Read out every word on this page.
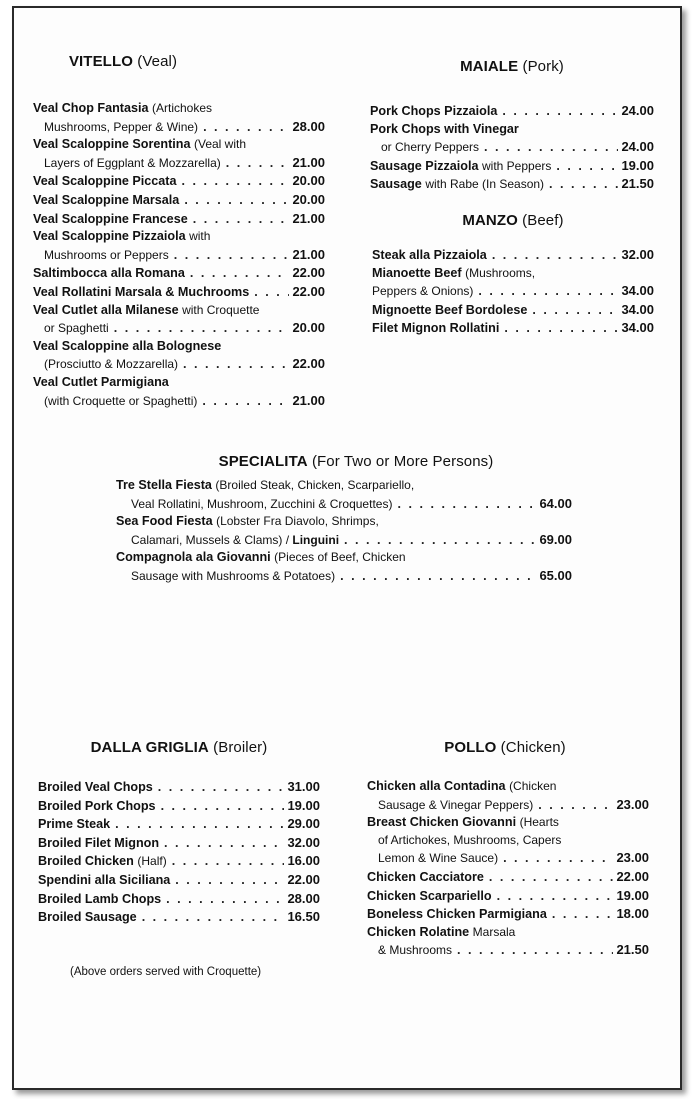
VITELLO (Veal)
Veal Chop Fantasia (Artichokes
Mushrooms, Pepper & Wine) . . .	28.00
Veal Scaloppine Sorentina (Veal with
Layers of Eggplant & Mozzarella) . . .	21.00
Veal Scaloppine Piccata . . .	20.00
Veal Scaloppine Marsala . . .	20.00
Veal Scaloppine Francese . . .	21.00
Veal Scaloppine Pizzaiola with
Mushrooms or Peppers . . .	21.00
Saltimbocca alla Romana . . .	22.00
Veal Rollatini Marsala & Muchrooms . . .	22.00
Veal Cutlet alla Milanese with Croquette
or Spaghetti . . .	20.00
Veal Scaloppine alla Bolognese
(Prosciutto & Mozzarella) . . .	22.00
Veal Cutlet Parmigiana
(with Croquette or Spaghetti) . . .	21.00
MAIALE (Pork)
Pork Chops Pizzaiola . . .	24.00
Pork Chops with Vinegar
or Cherry Peppers . . .	24.00
Sausage Pizzaiola with Peppers . . .	19.00
Sausage with Rabe (In Season) . . .	21.50
MANZO (Beef)
Steak alla Pizzaiola . . .	32.00
Mianoette Beef (Mushrooms,
Peppers & Onions) . . .	34.00
Mignoette Beef Bordolese . . .	34.00
Filet Mignon Rollatini . . .	34.00
SPECIALITA (For Two or More Persons)
Tre Stella Fiesta (Broiled Steak, Chicken, Scarpariello,
Veal Rollatini, Mushroom, Zucchini & Croquettes) . . .	64.00
Sea Food Fiesta (Lobster Fra Diavolo, Shrimps,
Calamari, Mussels & Clams) / Linguini . . .	69.00
Compagnola ala Giovanni (Pieces of Beef, Chicken
Sausage with Mushrooms & Potatoes) . . .	65.00
DALLA GRIGLIA (Broiler)
Broiled Veal Chops . . .	31.00
Broiled Pork Chops . . .	19.00
Prime Steak . . .	29.00
Broiled Filet Mignon . . .	32.00
Broiled Chicken (Half) . . .	16.00
Spendini alla Siciliana . . .	22.00
Broiled Lamb Chops . . .	28.00
Broiled Sausage . . .	16.50
(Above orders served with Croquette)
POLLO (Chicken)
Chicken alla Contadina (Chicken
Sausage & Vinegar Peppers) . . .	23.00
Breast Chicken Giovanni (Hearts
of Artichokes, Mushrooms, Capers
Lemon & Wine Sauce) . . .	23.00
Chicken Cacciatore . . .	22.00
Chicken Scarpariello . . .	19.00
Boneless Chicken Parmigiana . . .	18.00
Chicken Rolatine Marsala
& Mushrooms . . .	21.50
